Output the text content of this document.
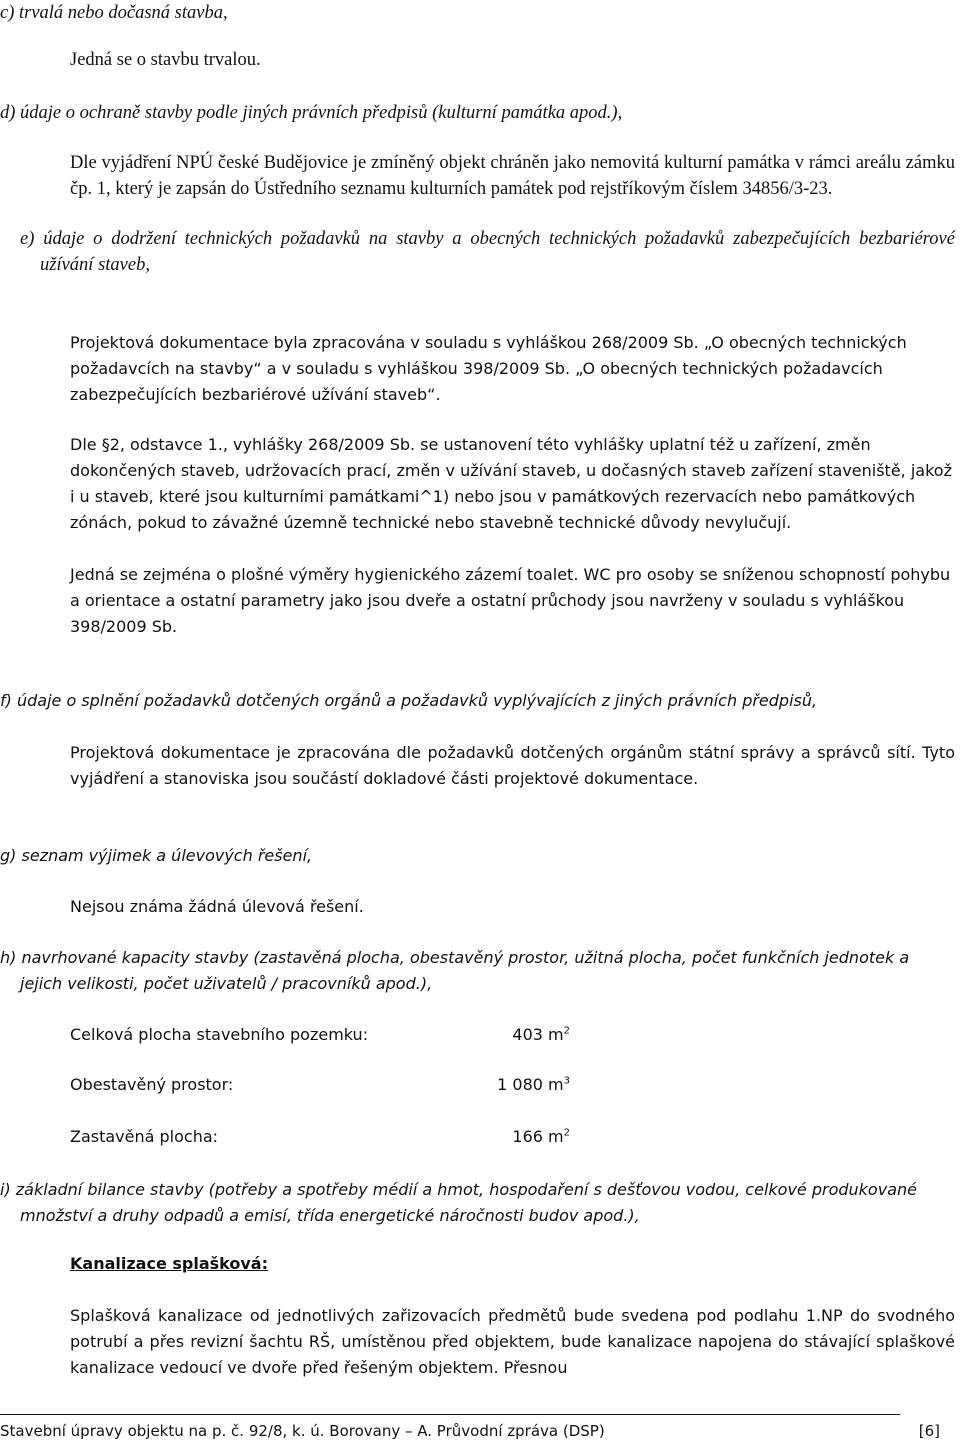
c) trvalá nebo dočasná stavba,
Jedná se o stavbu trvalou.
d) údaje o ochraně stavby podle jiných právních předpisů (kulturní památka apod.),
Dle vyjádření NPÚ české Budějovice je zmíněný objekt chráněn jako nemovitá kulturní památka v rámci areálu zámku čp. 1, který je zapsán do Ústředního seznamu kulturních památek pod rejstříkovým číslem 34856/3-23.
e) údaje o dodržení technických požadavků na stavby a obecných technických požadavků zabezpečujících bezbariérové užívání staveb,
Projektová dokumentace byla zpracována v souladu s vyhláškou 268/2009 Sb. „O obecných technických požadavcích na stavby“ a v souladu s vyhláškou 398/2009 Sb. „O obecných technických požadavcích zabezpečujících bezbariérové užívání staveb“.
Dle §2, odstavce 1., vyhlášky 268/2009 Sb. se ustanovení této vyhlášky uplatní též u zařízení, změn dokončených staveb, udržovacích prací, změn v užívání staveb, u dočasných staveb zařízení staveniště, jakož i u staveb, které jsou kulturními památkami^1) nebo jsou v památkových rezervacích nebo památkových zónách, pokud to závažné územně technické nebo stavebně technické důvody nevylučují.
Jedná se zejména o plošné výměry hygienického zázemí toalet. WC pro osoby se sníženou schopností pohybu a orientace a ostatní parametry jako jsou dveře a ostatní průchody jsou navrženy v souladu s vyhláškou 398/2009 Sb.
f) údaje o splnění požadavků dotčených orgánů a požadavků vyplývajících z jiných právních předpisů,
Projektová dokumentace je zpracována dle požadavků dotčených orgánům státní správy a správců sítí. Tyto vyjádření a stanoviska jsou součástí dokladové části projektové dokumentace.
g) seznam výjimek a úlevových řešení,
Nejsou známa žádná úlevová řešení.
h) navrhované kapacity stavby (zastavěná plocha, obestavěný prostor, užitná plocha, počet funkčních jednotek a jejich velikosti, počet uživatelů / pracovníků apod.),
Celková plocha stavebního pozemku:	403 $m^2$
Obestavěný prostor:	1 080 $m^3$
Zastavěná plocha:	166 $m^2$
i) základní bilance stavby (potřeby a spotřeby médií a hmot, hospodaření s dešťovou vodou, celkové produkované množství a druhy odpadů a emisí, třída energetické náročnosti budov apod.),
Kanalizace splašková:
Splašková kanalizace od jednotlivých zařizovacích předmětů bude svedena pod podlahu 1.NP do svodného potrubí a přes revizní šachtu RŠ, umístěnou před objektem, bude kanalizace napojena do stávající splaškové kanalizace vedoucí ve dvoře před řešeným objektem. Přesnou
Stavební úpravy objektu na p. č. 92/8, k. ú. Borovany – A. Průvodní zpráva (DSP)	[6]
